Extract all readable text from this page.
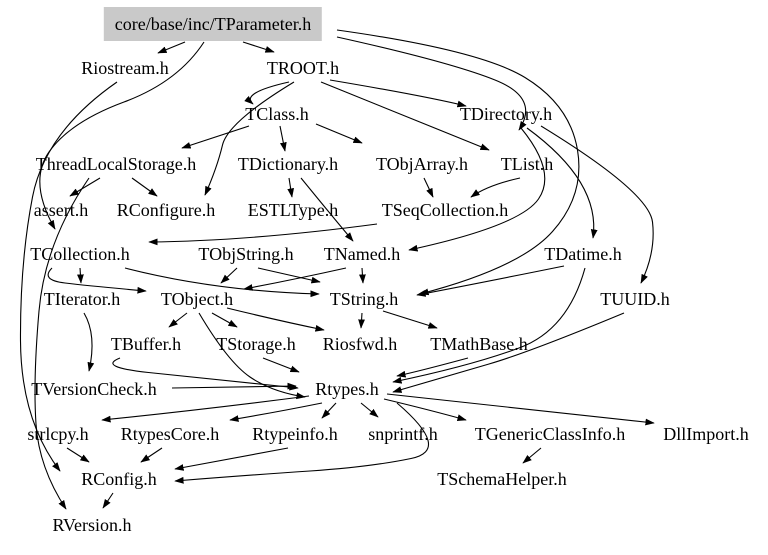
core/base/inc/TParameter.h
Riostream.h	TROOT.h
TClass.h	TDirectory.h
ThreadLocalStorage.h TDictionary.h TObjArray.h TList.h
assert.h RConfigure.h ESTLType.h TSeqCollection.h
TCollection.h	TObjString.h TNamed.h	TDatime.h
TIterator.h TObject.h	TString.h	TUUID.h
TBuffer.h TStorage.h Riosfwd.h TMathBase.h
TVersionCheck.h	Rtypes.h
strlcpy.h RtypesCore.h Rtypeinfo.h snprintf.h TGenericClassInfo.h DllImport.h
RConfig.h	TSchemaHelper.h
RVersion.h
